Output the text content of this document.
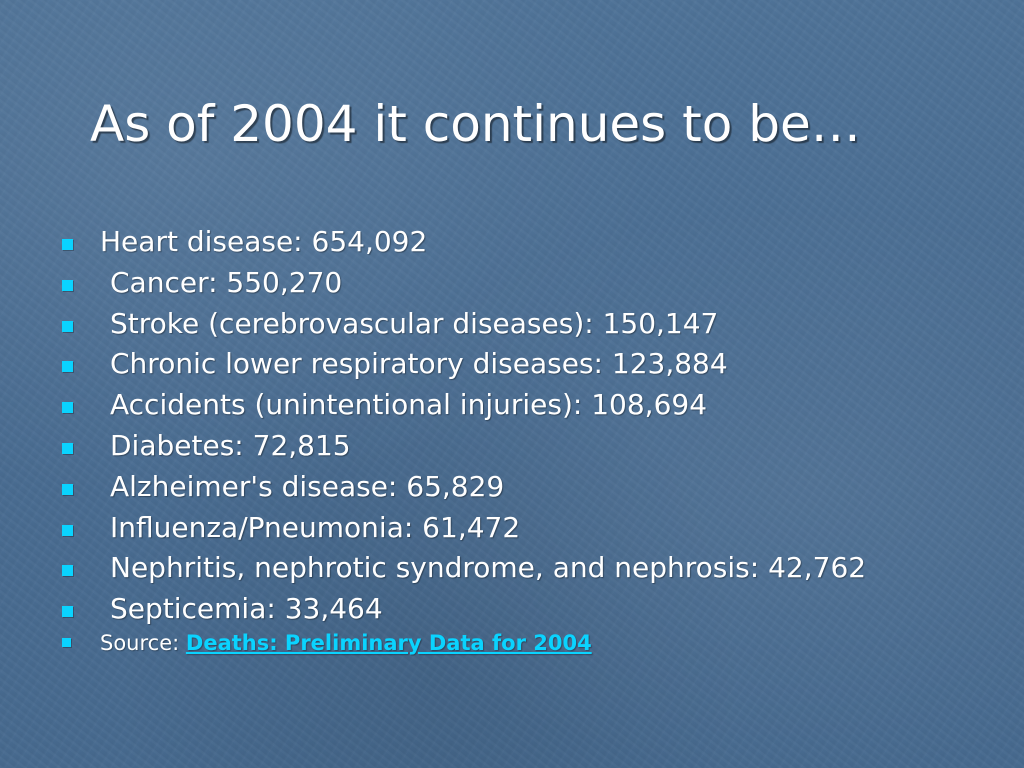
As of 2004 it continues to be…
Heart disease: 654,092
Cancer: 550,270
Stroke (cerebrovascular diseases): 150,147
Chronic lower respiratory diseases: 123,884
Accidents (unintentional injuries): 108,694
Diabetes: 72,815
Alzheimer's disease: 65,829
Influenza/Pneumonia: 61,472
Nephritis, nephrotic syndrome, and nephrosis: 42,762
Septicemia: 33,464
Source: Deaths: Preliminary Data for 2004
